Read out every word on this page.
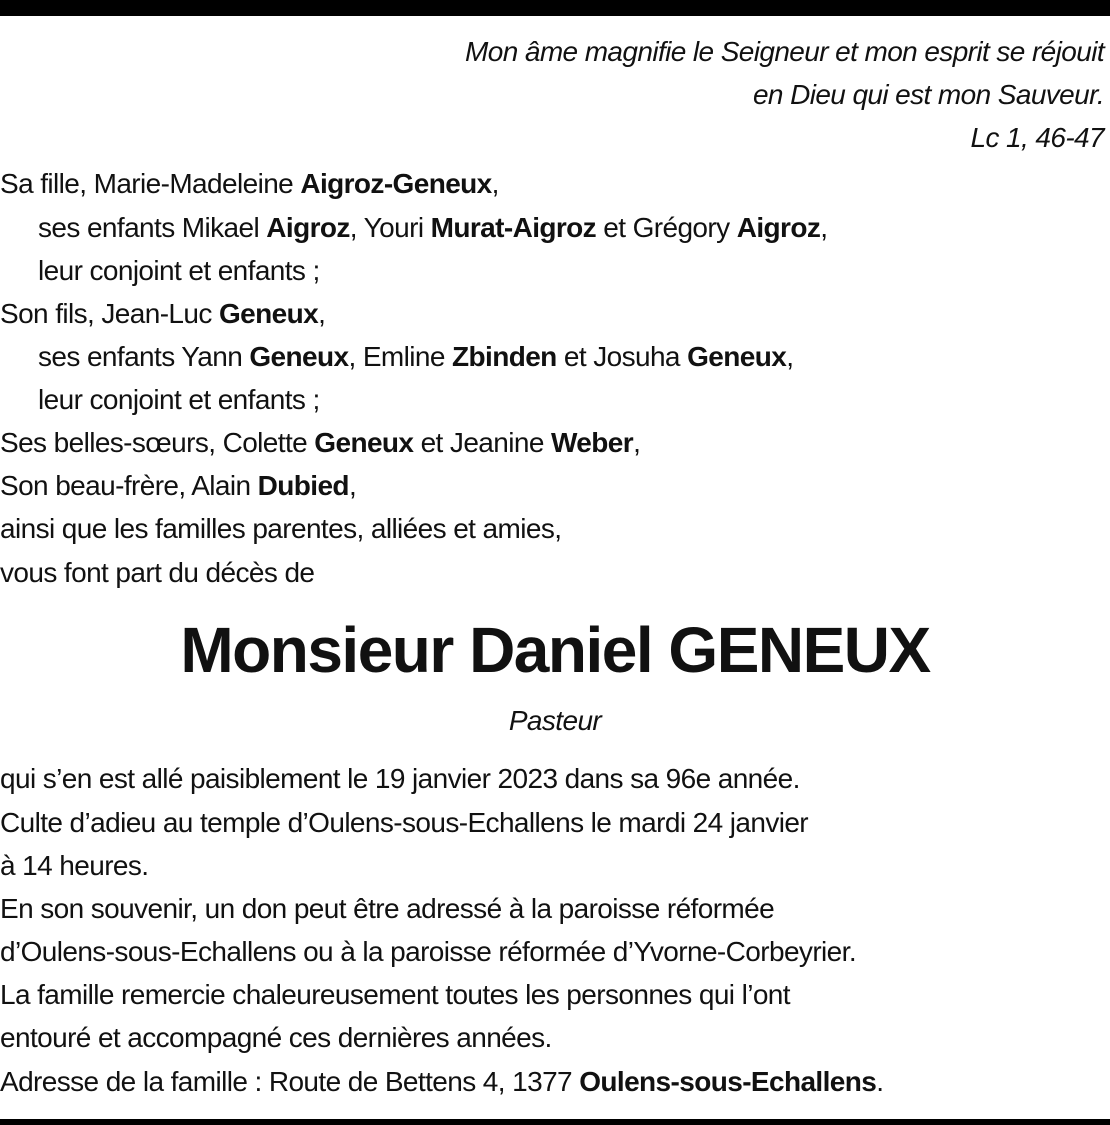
Mon âme magnifie le Seigneur et mon esprit se réjouit

en Dieu qui est mon Sauveur.

Lc 1, 46-47

Sa fille, Marie-Madeleine Aigroz-Geneux,

ses enfants Mikael Aigroz, Youri Murat-Aigroz et Grégory Aigroz,

leur conjoint et enfants ;

Son fils, Jean-Luc Geneux,

ses enfants Yann Geneux, Emline Zbinden et Josuha Geneux,

leur conjoint et enfants ;

Ses belles-sœurs, Colette Geneux et Jeanine Weber,

Son beau-frère, Alain Dubied,

ainsi que les familles parentes, alliées et amies,

vous font part du décès de

Monsieur Daniel GENEUX

Pasteur

qui s’en est allé paisiblement le 19 janvier 2023 dans sa 96e année.

Culte d’adieu au temple d’Oulens-sous-Echallens le mardi 24 janvier

à 14 heures.

En son souvenir, un don peut être adressé à la paroisse réformée

d’Oulens-sous-Echallens ou à la paroisse réformée d’Yvorne-Corbeyrier.

La famille remercie chaleureusement toutes les personnes qui l’ont

entouré et accompagné ces dernières années.

Adresse de la famille : Route de Bettens 4, 1377 Oulens-sous-Echallens.
